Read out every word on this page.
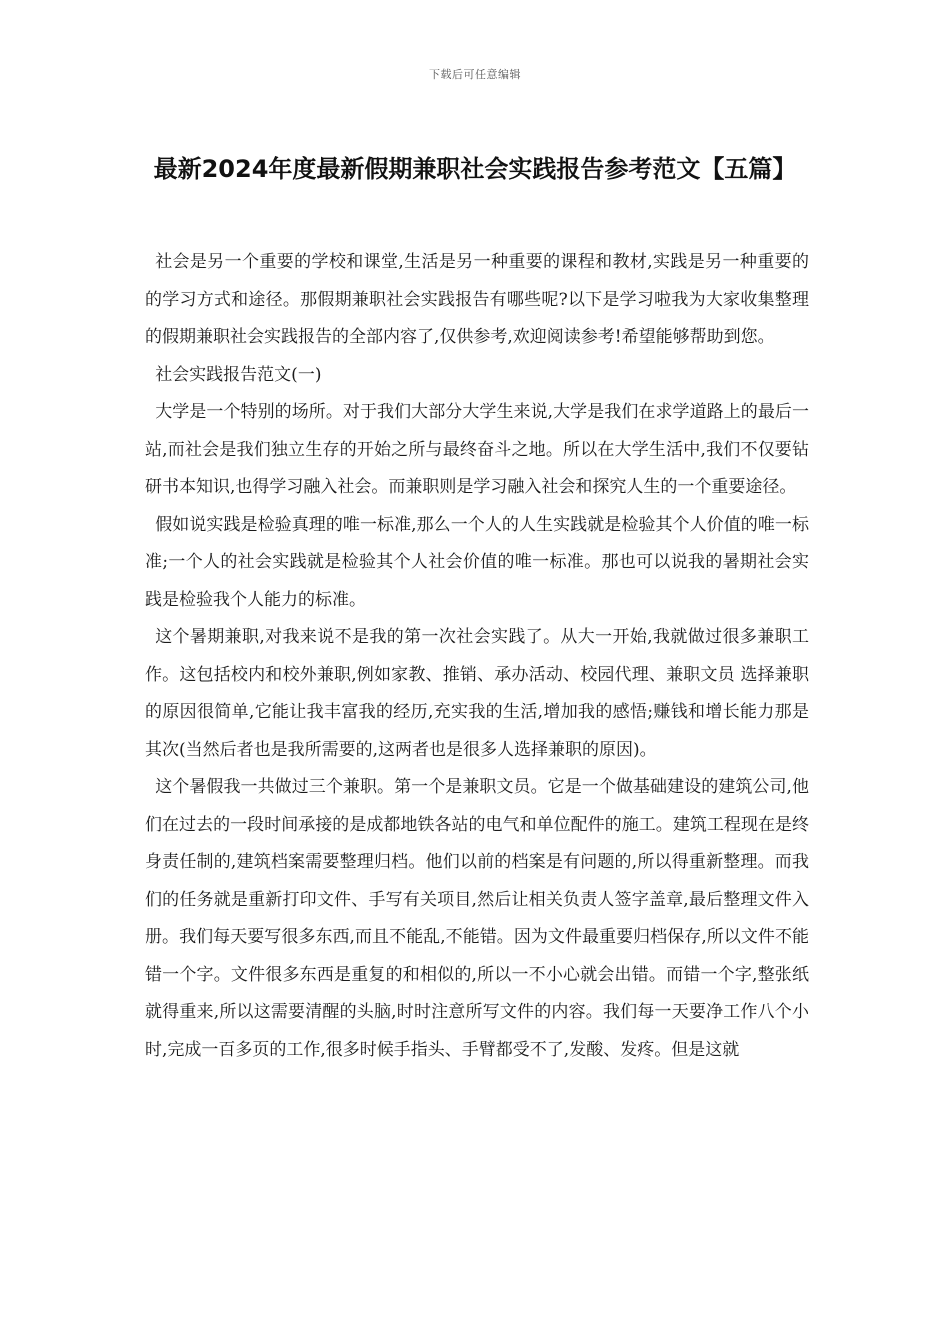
下载后可任意编辑
最新2024年度最新假期兼职社会实践报告参考范文【五篇】

社会是另一个重要的学校和课堂,生活是另一种重要的课程和教材,实践是另一种重要的的学习方式和途径。那假期兼职社会实践报告有哪些呢?以下是学习啦我为大家收集整理的假期兼职社会实践报告的全部内容了,仅供参考,欢迎阅读参考!希望能够帮助到您。

社会实践报告范文(一)

大学是一个特别的场所。对于我们大部分大学生来说,大学是我们在求学道路上的最后一站,而社会是我们独立生存的开始之所与最终奋斗之地。所以在大学生活中,我们不仅要钻研书本知识,也得学习融入社会。而兼职则是学习融入社会和探究人生的一个重要途径。

假如说实践是检验真理的唯一标准,那么一个人的人生实践就是检验其个人价值的唯一标准;一个人的社会实践就是检验其个人社会价值的唯一标准。那也可以说我的暑期社会实践是检验我个人能力的标准。

这个暑期兼职,对我来说不是我的第一次社会实践了。从大一开始,我就做过很多兼职工作。这包括校内和校外兼职,例如家教、推销、承办活动、校园代理、兼职文员 选择兼职的原因很简单,它能让我丰富我的经历,充实我的生活,增加我的感悟;赚钱和增长能力那是其次(当然后者也是我所需要的,这两者也是很多人选择兼职的原因)。

这个暑假我一共做过三个兼职。第一个是兼职文员。它是一个做基础建设的建筑公司,他们在过去的一段时间承接的是成都地铁各站的电气和单位配件的施工。建筑工程现在是终身责任制的,建筑档案需要整理归档。他们以前的档案是有问题的,所以得重新整理。而我们的任务就是重新打印文件、手写有关项目,然后让相关负责人签字盖章,最后整理文件入册。我们每天要写很多东西,而且不能乱,不能错。因为文件最重要归档保存,所以文件不能错一个字。文件很多东西是重复的和相似的,所以一不小心就会出错。而错一个字,整张纸就得重来,所以这需要清醒的头脑,时时注意所写文件的内容。我们每一天要净工作八个小时,完成一百多页的工作,很多时候手指头、手臂都受不了,发酸、发疼。但是这就
